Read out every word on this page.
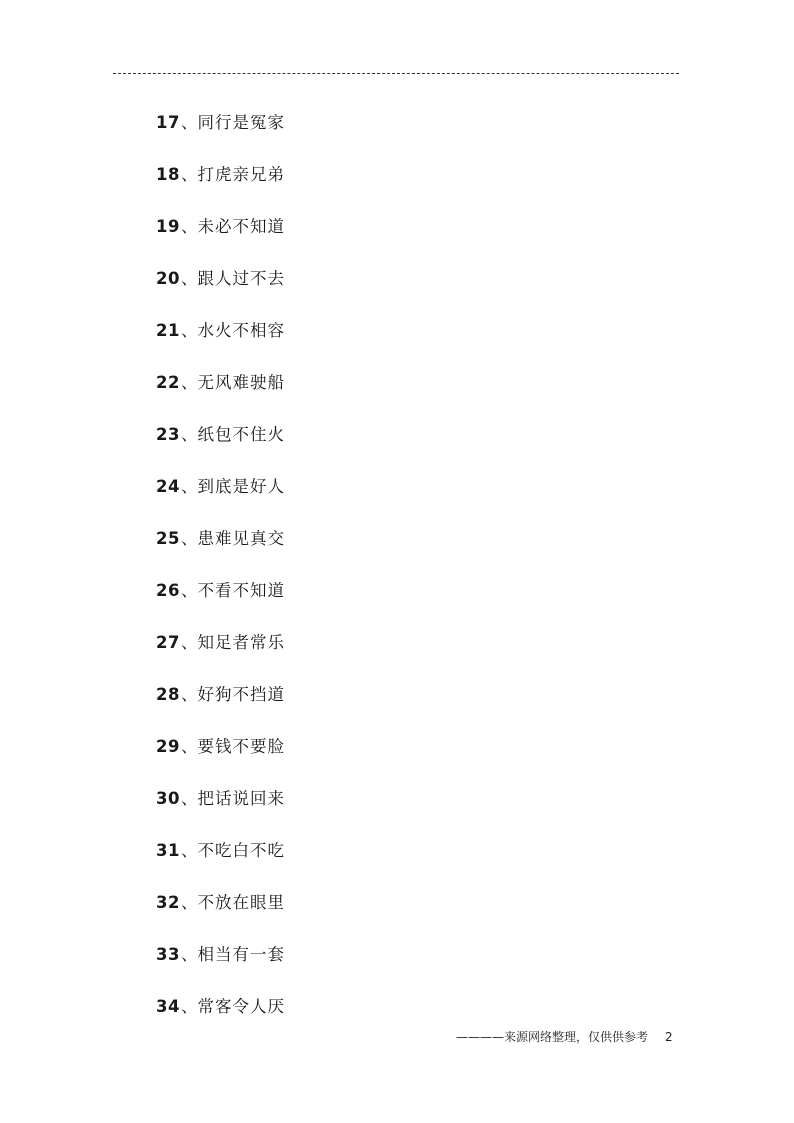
17、同行是冤家
18、打虎亲兄弟
19、未必不知道
20、跟人过不去
21、水火不相容
22、无风难驶船
23、纸包不住火
24、到底是好人
25、患难见真交
26、不看不知道
27、知足者常乐
28、好狗不挡道
29、要钱不要脸
30、把话说回来
31、不吃白不吃
32、不放在眼里
33、相当有一套
34、常客令人厌
————来源网络整理，仅供供参考 2
